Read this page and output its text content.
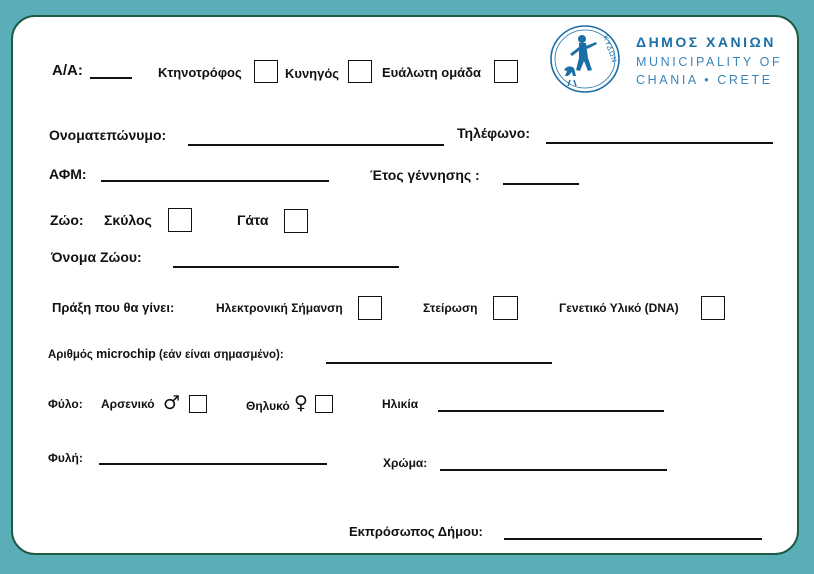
Α/Α:	Κτηνοτρόφος	Κυνηγός	Ευάλωτη ομάδα
ΚΥΔΩΝ ΔΗΜΟΣ ΧΑΝΙΩΝ
MUNICIPALITY OF
CHANIA • CRETE
Ονοματεπώνυμο:	Τηλέφωνο:
ΑΦΜ:	Έτος γέννησης :
Ζώο: Σκύλος	Γάτα
Όνομα Ζώου:
Πράξη που θα γίνει:	Ηλεκτρονική Σήμανση	Στείρωση	Γενετικό Υλικό (DNA)
Αριθμός microchip (εάν είναι σημασμένο):
Φύλο: Αρσενικό ♂	Θηλυκό ♀	Ηλικία
Φυλή:	Χρώμα:
Εκπρόσωπος Δήμου:
